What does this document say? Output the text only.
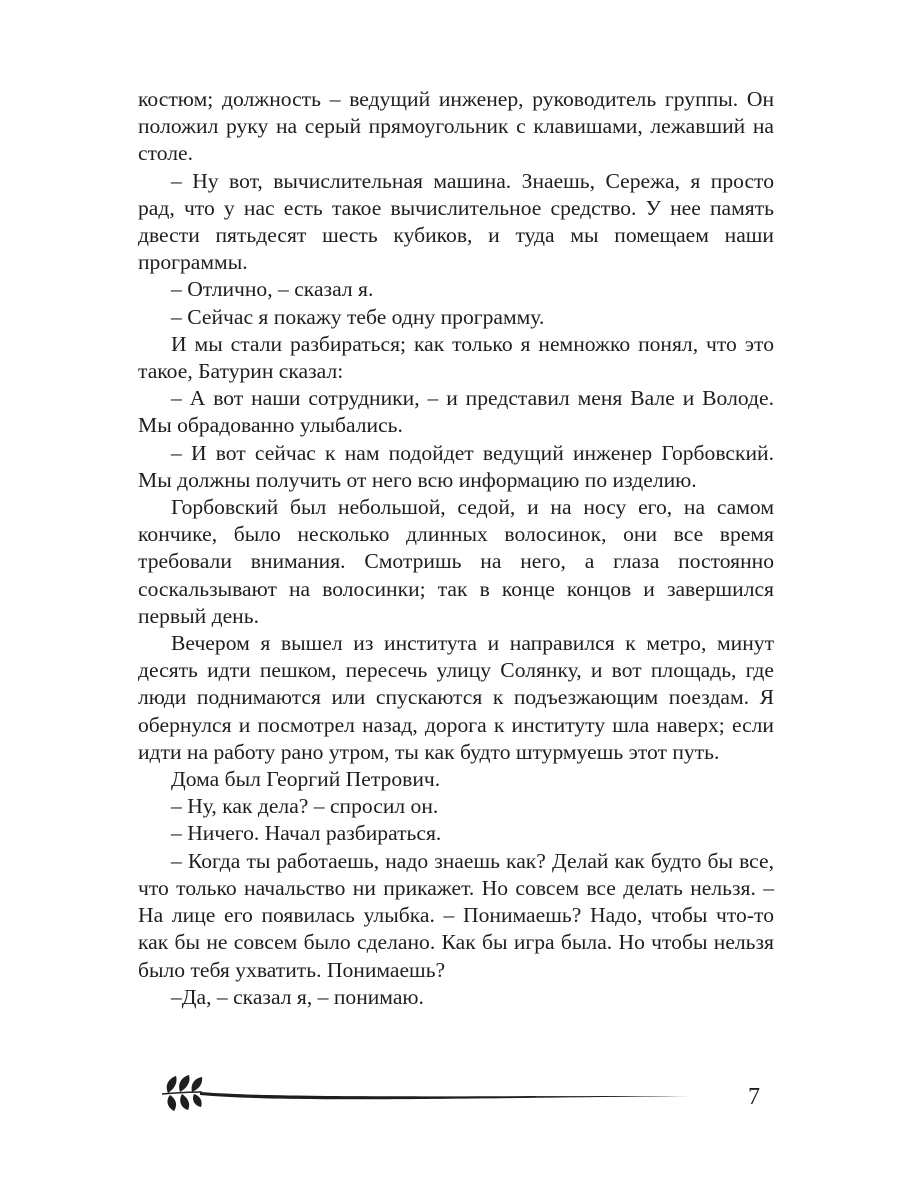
костюм; должность – ведущий инженер, руководитель группы. Он положил руку на серый прямоугольник с клавишами, лежавший на столе.

– Ну вот, вычислительная машина. Знаешь, Сережа, я просто рад, что у нас есть такое вычислительное средство. У нее память двести пятьдесят шесть кубиков, и туда мы помещаем наши программы.

– Отлично, – сказал я.

– Сейчас я покажу тебе одну программу.

И мы стали разбираться; как только я немножко понял, что это такое, Батурин сказал:

– А вот наши сотрудники, – и представил меня Вале и Володе. Мы обрадованно улыбались.

– И вот сейчас к нам подойдет ведущий инженер Горбовский. Мы должны получить от него всю информацию по изделию.

Горбовский был небольшой, седой, и на носу его, на самом кончике, было несколько длинных волосинок, они все время требовали внимания. Смотришь на него, а глаза постоянно соскальзывают на волосинки; так в конце концов и завершился первый день.

Вечером я вышел из института и направился к метро, минут десять идти пешком, пересечь улицу Солянку, и вот площадь, где люди поднимаются или спускаются к подъезжающим поездам. Я обернулся и посмотрел назад, дорога к институту шла наверх; если идти на работу рано утром, ты как будто штурмуешь этот путь.

Дома был Георгий Петрович.

– Ну, как дела? – спросил он.

– Ничего. Начал разбираться.

– Когда ты работаешь, надо знаешь как? Делай как будто бы все, что только начальство ни прикажет. Но совсем все делать нельзя. – На лице его появилась улыбка. – Понимаешь? Надо, чтобы что-то как бы не совсем было сделано. Как бы игра была. Но чтобы нельзя было тебя ухватить. Понимаешь?

–Да, – сказал я, – понимаю.

7
